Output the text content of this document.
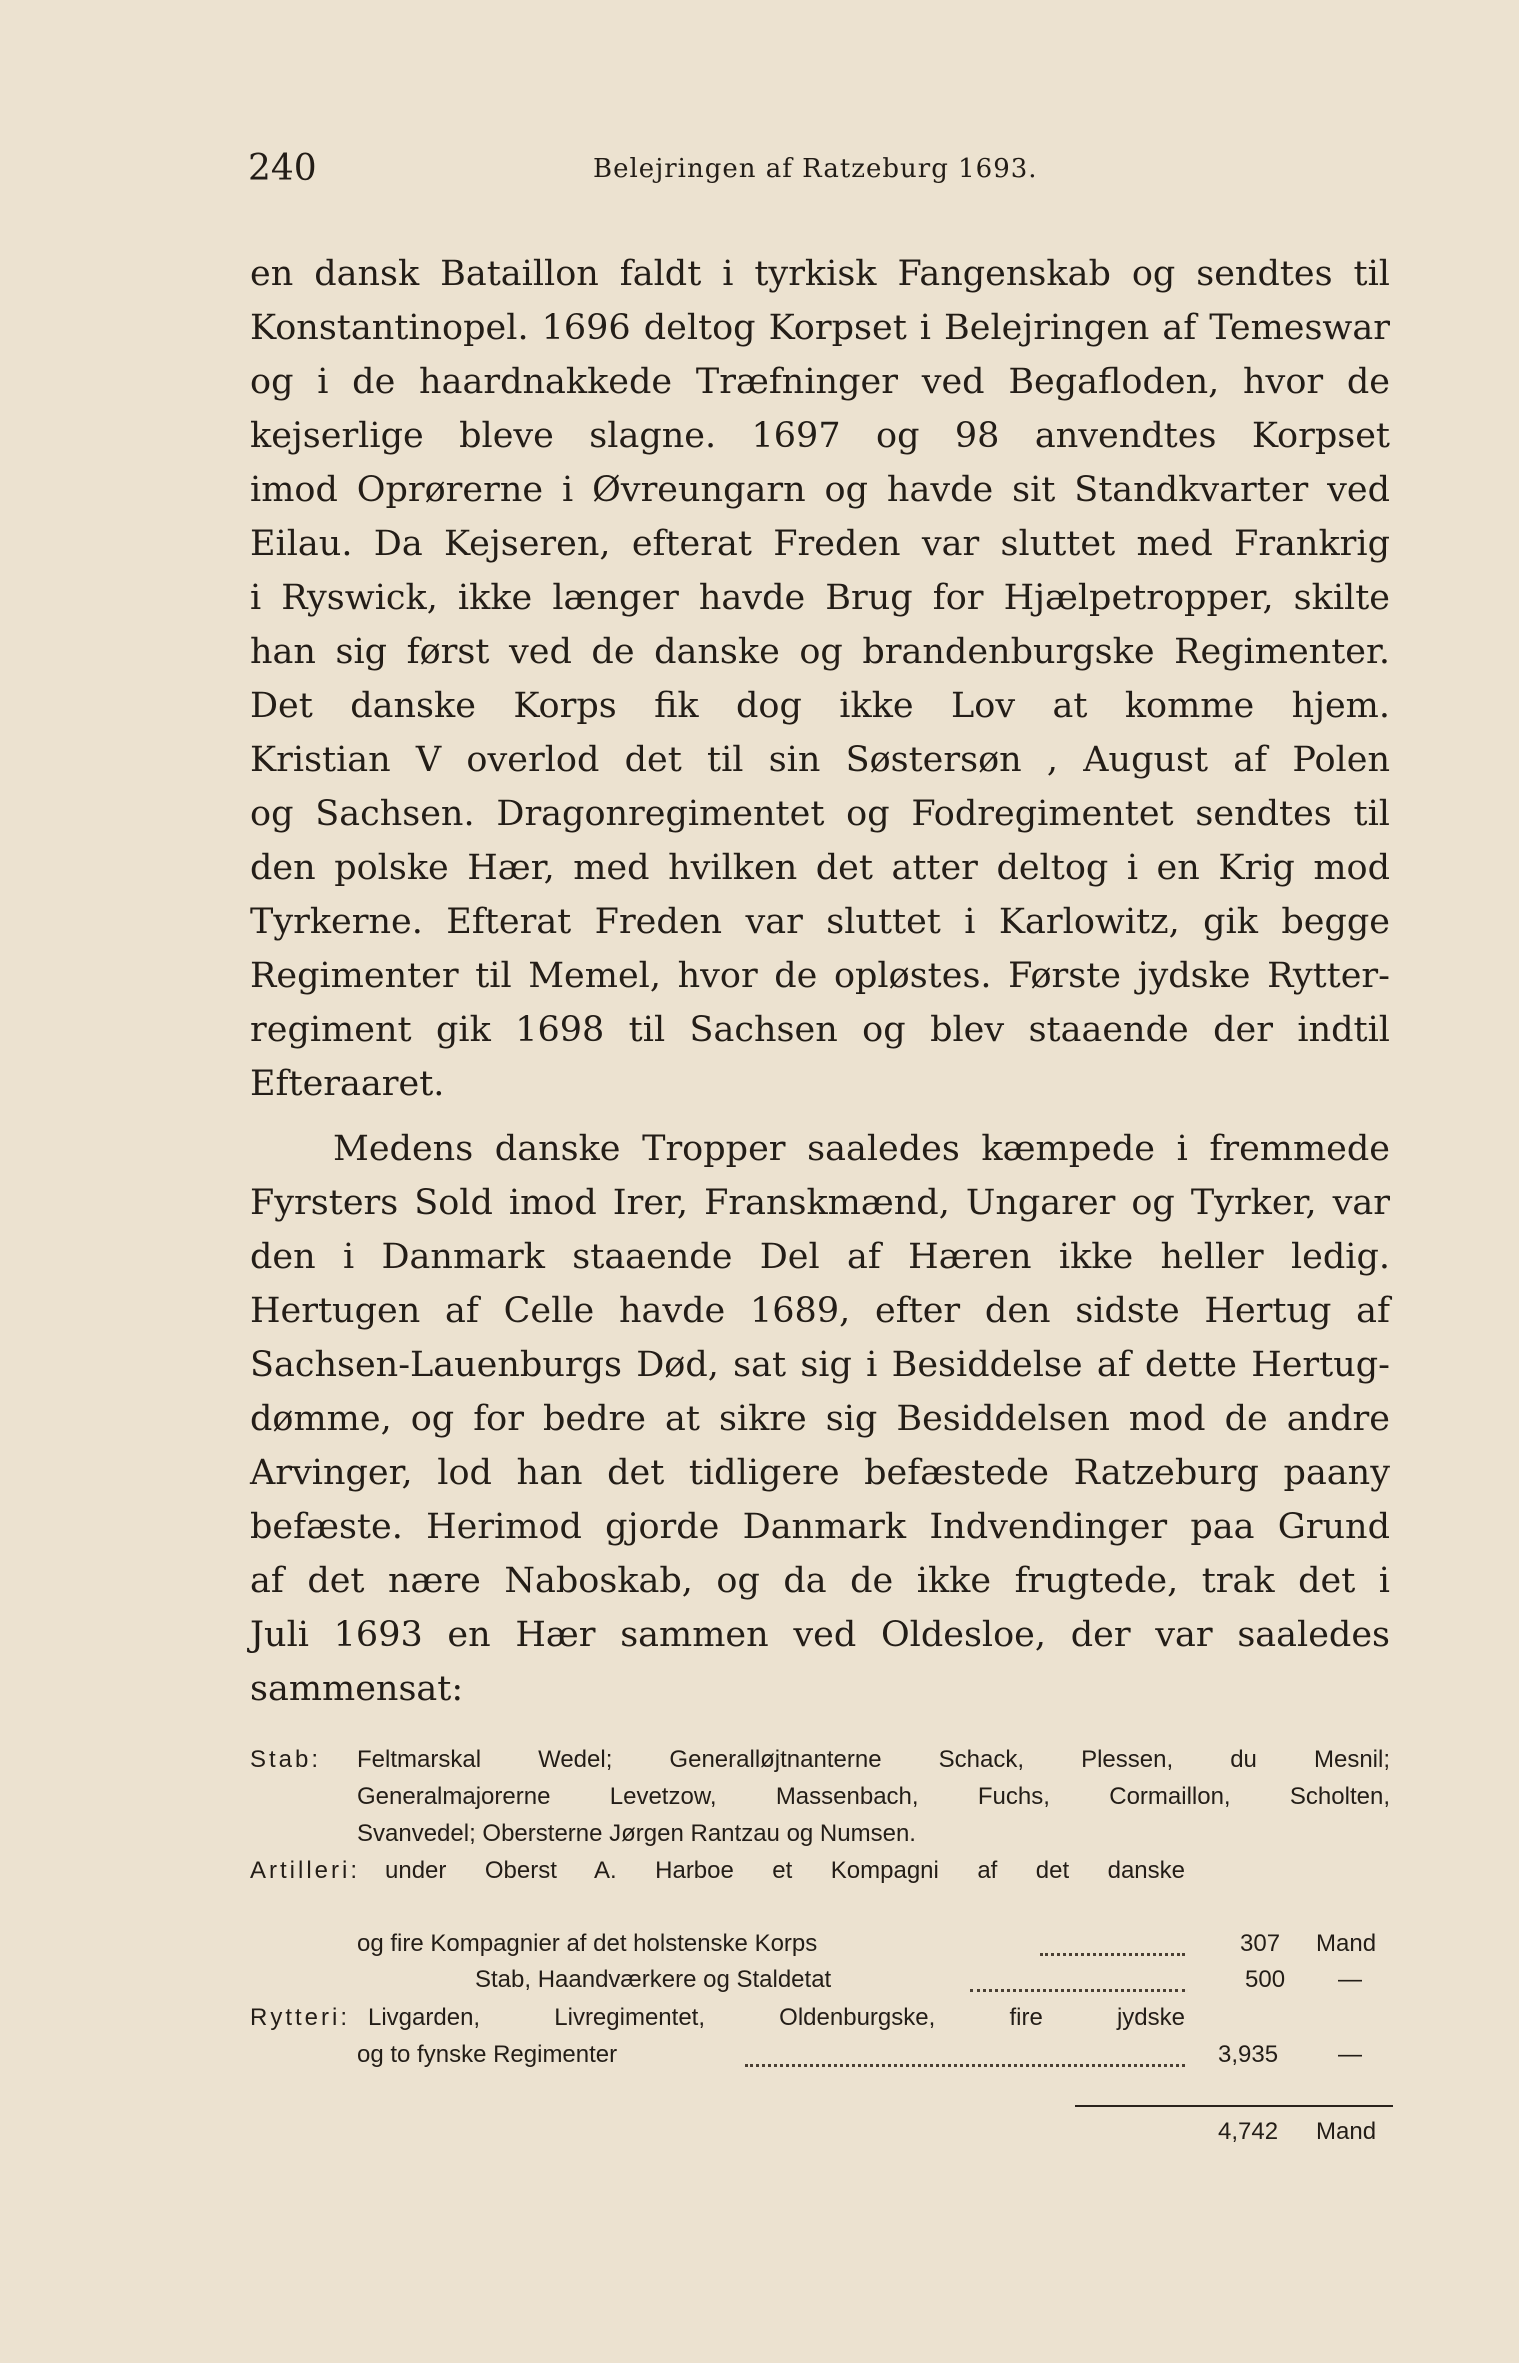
240	Belejringen af Ratzeburg 1693.
en dansk Bataillon faldt i tyrkisk Fangenskab og sendtes til
Konstantinopel. 1696 deltog Korpset i Belejringen af Temeswar
og i de haardnakkede Træfninger ved Begafloden, hvor de
kejserlige bleve slagne. 1697 og 98 anvendtes Korpset
imod Oprørerne i Øvreungarn og havde sit Standkvarter ved
Eilau. Da Kejseren, efterat Freden var sluttet med Frankrig
i Ryswick, ikke længer havde Brug for Hjælpetropper, skilte
han sig først ved de danske og brandenburgske Regimenter.
Det danske Korps fik dog ikke Lov at komme hjem.
Kristian V overlod det til sin Søstersøn , August af Polen
og Sachsen. Dragonregimentet og Fodregimentet sendtes til
den polske Hær, med hvilken det atter deltog i en Krig mod
Tyrkerne. Efterat Freden var sluttet i Karlowitz, gik begge
Regimenter til Memel, hvor de opløstes. Første jydske Rytter-
regiment gik 1698 til Sachsen og blev staaende der indtil
Efteraaret.
Medens danske Tropper saaledes kæmpede i fremmede
Fyrsters Sold imod Irer, Franskmænd, Ungarer og Tyrker, var
den i Danmark staaende Del af Hæren ikke heller ledig.
Hertugen af Celle havde 1689, efter den sidste Hertug af
Sachsen-Lauenburgs Død, sat sig i Besiddelse af dette Hertug-
dømme, og for bedre at sikre sig Besiddelsen mod de andre
Arvinger, lod han det tidligere befæstede Ratzeburg paany
befæste. Herimod gjorde Danmark Indvendinger paa Grund
af det nære Naboskab, og da de ikke frugtede, trak det i
Juli 1693 en Hær sammen ved Oldesloe, der var saaledes
sammensat:
Stab: Feltmarskal Wedel; Generalløjtnanterne Schack, Plessen, du Mesnil;
Generalmajorerne Levetzow, Massenbach, Fuchs, Cormaillon, Scholten,
Svanvedel; Obersterne Jørgen Rantzau og Numsen.
Artilleri: under Oberst A. Harboe et Kompagni af det danske
og fire Kompagnier af det holstenske Korps	307 Mand
Stab, Haandværkere og Staldetat	500 —
Rytteri: Livgarden, Livregimentet, Oldenburgske, fire jydske
og to fynske Regimenter	3,935 —
4,742 Mand
